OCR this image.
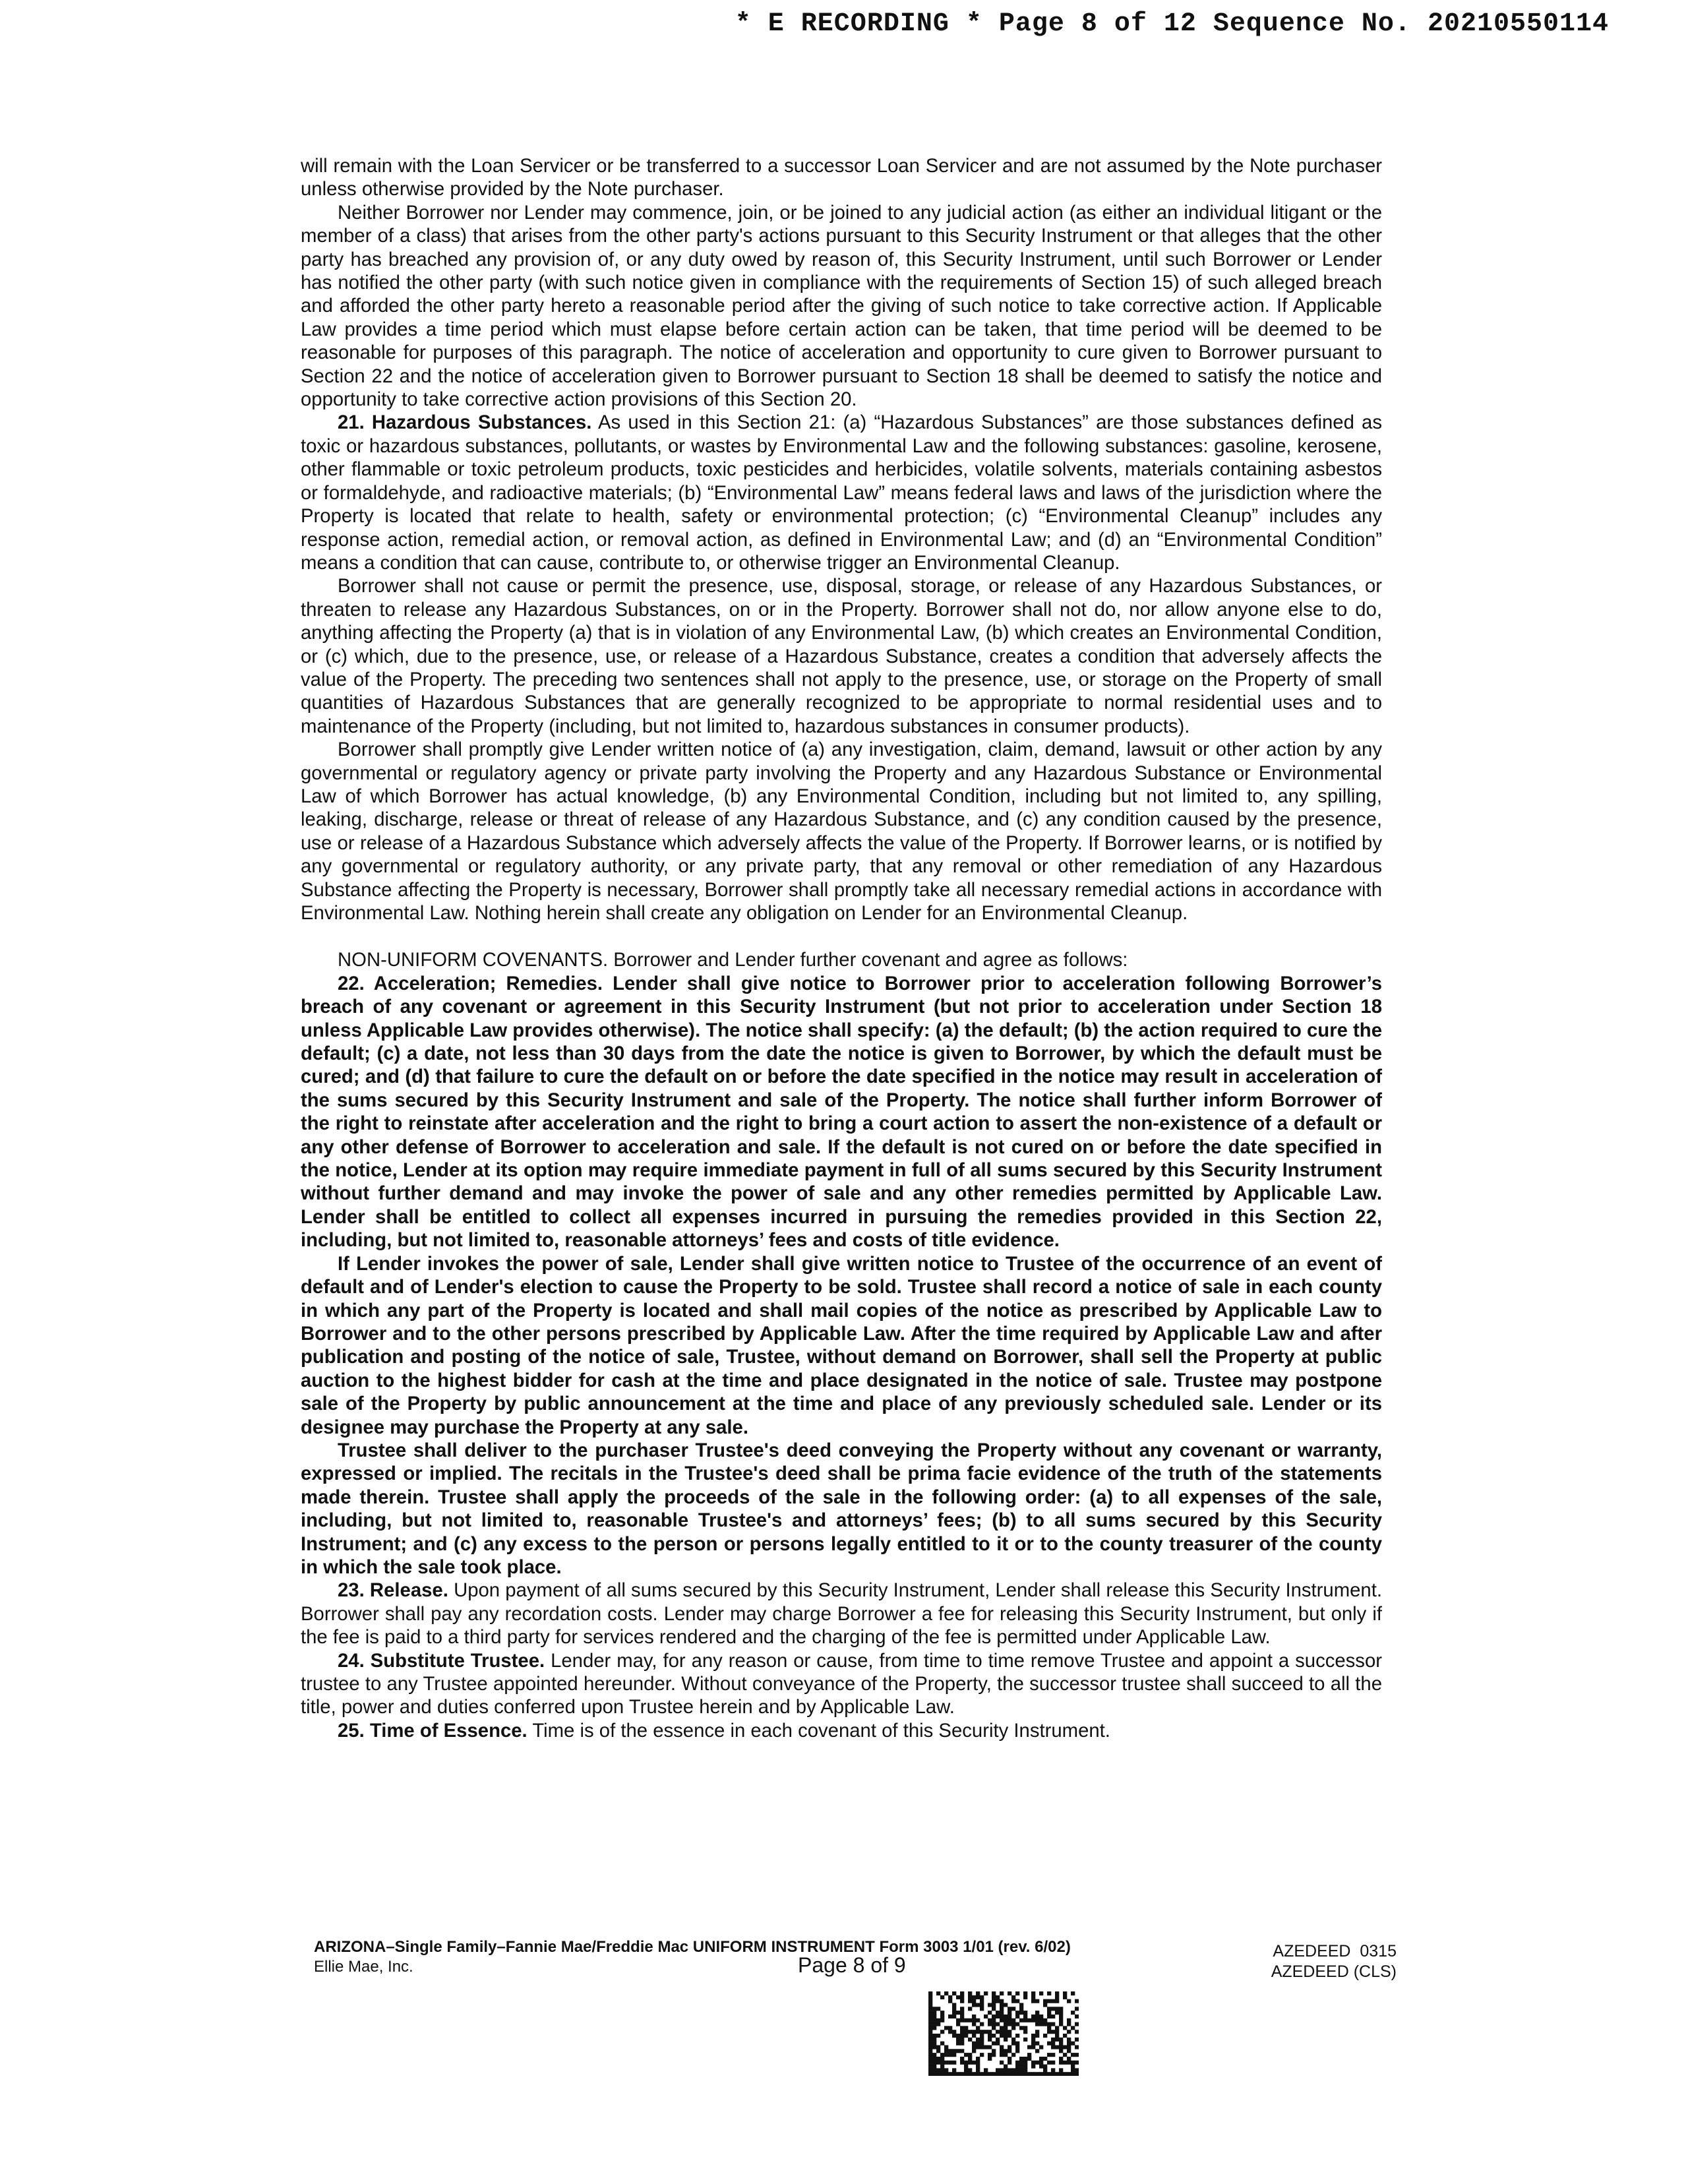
* E RECORDING * Page 8 of 12 Sequence No. 20210550114

will remain with the Loan Servicer or be transferred to a successor Loan Servicer and are not assumed by the Note purchaser unless otherwise provided by the Note purchaser.

Neither Borrower nor Lender may commence, join, or be joined to any judicial action (as either an individual litigant or the member of a class) that arises from the other party's actions pursuant to this Security Instrument or that alleges that the other party has breached any provision of, or any duty owed by reason of, this Security Instrument, until such Borrower or Lender has notified the other party (with such notice given in compliance with the requirements of Section 15) of such alleged breach and afforded the other party hereto a reasonable period after the giving of such notice to take corrective action. If Applicable Law provides a time period which must elapse before certain action can be taken, that time period will be deemed to be reasonable for purposes of this paragraph. The notice of acceleration and opportunity to cure given to Borrower pursuant to Section 22 and the notice of acceleration given to Borrower pursuant to Section 18 shall be deemed to satisfy the notice and opportunity to take corrective action provisions of this Section 20.

21. Hazardous Substances. As used in this Section 21: (a) “Hazardous Substances” are those substances defined as toxic or hazardous substances, pollutants, or wastes by Environmental Law and the following substances: gasoline, kerosene, other flammable or toxic petroleum products, toxic pesticides and herbicides, volatile solvents, materials containing asbestos or formaldehyde, and radioactive materials; (b) “Environmental Law” means federal laws and laws of the jurisdiction where the Property is located that relate to health, safety or environmental protection; (c) “Environmental Cleanup” includes any response action, remedial action, or removal action, as defined in Environmental Law; and (d) an “Environmental Condition” means a condition that can cause, contribute to, or otherwise trigger an Environmental Cleanup.

Borrower shall not cause or permit the presence, use, disposal, storage, or release of any Hazardous Substances, or threaten to release any Hazardous Substances, on or in the Property. Borrower shall not do, nor allow anyone else to do, anything affecting the Property (a) that is in violation of any Environmental Law, (b) which creates an Environmental Condition, or (c) which, due to the presence, use, or release of a Hazardous Substance, creates a condition that adversely affects the value of the Property. The preceding two sentences shall not apply to the presence, use, or storage on the Property of small quantities of Hazardous Substances that are generally recognized to be appropriate to normal residential uses and to maintenance of the Property (including, but not limited to, hazardous substances in consumer products).

Borrower shall promptly give Lender written notice of (a) any investigation, claim, demand, lawsuit or other action by any governmental or regulatory agency or private party involving the Property and any Hazardous Substance or Environmental Law of which Borrower has actual knowledge, (b) any Environmental Condition, including but not limited to, any spilling, leaking, discharge, release or threat of release of any Hazardous Substance, and (c) any condition caused by the presence, use or release of a Hazardous Substance which adversely affects the value of the Property. If Borrower learns, or is notified by any governmental or regulatory authority, or any private party, that any removal or other remediation of any Hazardous Substance affecting the Property is necessary, Borrower shall promptly take all necessary remedial actions in accordance with Environmental Law. Nothing herein shall create any obligation on Lender for an Environmental Cleanup.

NON-UNIFORM COVENANTS. Borrower and Lender further covenant and agree as follows:

22. Acceleration; Remedies. Lender shall give notice to Borrower prior to acceleration following Borrower’s breach of any covenant or agreement in this Security Instrument (but not prior to acceleration under Section 18 unless Applicable Law provides otherwise). The notice shall specify: (a) the default; (b) the action required to cure the default; (c) a date, not less than 30 days from the date the notice is given to Borrower, by which the default must be cured; and (d) that failure to cure the default on or before the date specified in the notice may result in acceleration of the sums secured by this Security Instrument and sale of the Property. The notice shall further inform Borrower of the right to reinstate after acceleration and the right to bring a court action to assert the non-existence of a default or any other defense of Borrower to acceleration and sale. If the default is not cured on or before the date specified in the notice, Lender at its option may require immediate payment in full of all sums secured by this Security Instrument without further demand and may invoke the power of sale and any other remedies permitted by Applicable Law. Lender shall be entitled to collect all expenses incurred in pursuing the remedies provided in this Section 22, including, but not limited to, reasonable attorneys’ fees and costs of title evidence.

If Lender invokes the power of sale, Lender shall give written notice to Trustee of the occurrence of an event of default and of Lender's election to cause the Property to be sold. Trustee shall record a notice of sale in each county in which any part of the Property is located and shall mail copies of the notice as prescribed by Applicable Law to Borrower and to the other persons prescribed by Applicable Law. After the time required by Applicable Law and after publication and posting of the notice of sale, Trustee, without demand on Borrower, shall sell the Property at public auction to the highest bidder for cash at the time and place designated in the notice of sale. Trustee may postpone sale of the Property by public announcement at the time and place of any previously scheduled sale. Lender or its designee may purchase the Property at any sale.

Trustee shall deliver to the purchaser Trustee's deed conveying the Property without any covenant or warranty, expressed or implied. The recitals in the Trustee's deed shall be prima facie evidence of the truth of the statements made therein. Trustee shall apply the proceeds of the sale in the following order: (a) to all expenses of the sale, including, but not limited to, reasonable Trustee's and attorneys’ fees; (b) to all sums secured by this Security Instrument; and (c) any excess to the person or persons legally entitled to it or to the county treasurer of the county in which the sale took place.

23. Release. Upon payment of all sums secured by this Security Instrument, Lender shall release this Security Instrument. Borrower shall pay any recordation costs. Lender may charge Borrower a fee for releasing this Security Instrument, but only if the fee is paid to a third party for services rendered and the charging of the fee is permitted under Applicable Law.

24. Substitute Trustee. Lender may, for any reason or cause, from time to time remove Trustee and appoint a successor trustee to any Trustee appointed hereunder. Without conveyance of the Property, the successor trustee shall succeed to all the title, power and duties conferred upon Trustee herein and by Applicable Law.

25. Time of Essence. Time is of the essence in each covenant of this Security Instrument.

ARIZONA–Single Family–Fannie Mae/Freddie Mac UNIFORM INSTRUMENT Form 3003 1/01 (rev. 6/02)
Ellie Mae, Inc.	Page 8 of 9
AZEDEED  0315
AZEDEED (CLS)
